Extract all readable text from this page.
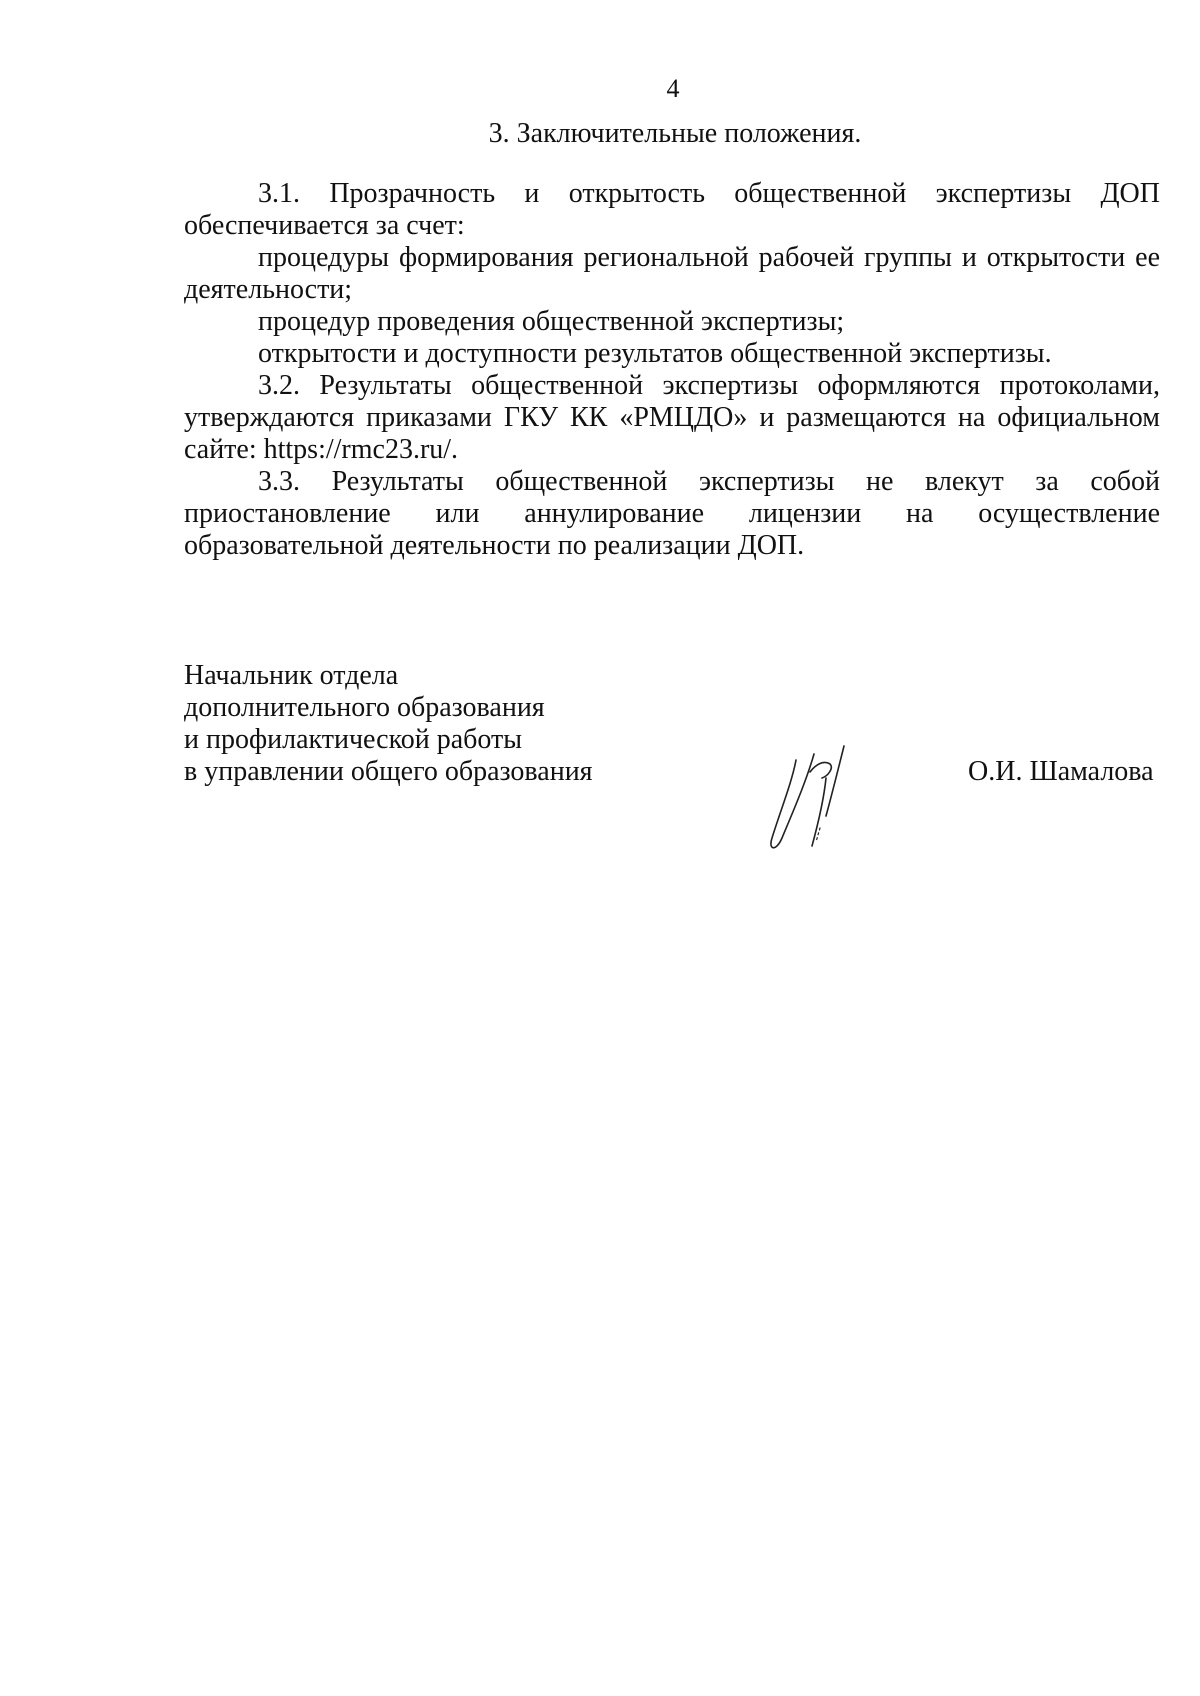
4
3. Заключительные положения.

3.1. Прозрачность и открытость общественной экспертизы ДОП обеспечивается за счет:

процедуры формирования региональной рабочей группы и открытости ее деятельности;

процедур проведения общественной экспертизы;

открытости и доступности результатов общественной экспертизы.

3.2. Результаты общественной экспертизы оформляются протоколами, утверждаются приказами ГКУ КК «РМЦДО» и размещаются на официальном сайте: https://rmc23.ru/.

3.3. Результаты общественной экспертизы не влекут за собой приостановление или аннулирование лицензии на осуществление образовательной деятельности по реализации ДОП.

Начальник отдела
дополнительного образования
и профилактической работы
в управлении общего образования	О.И. Шамалова
